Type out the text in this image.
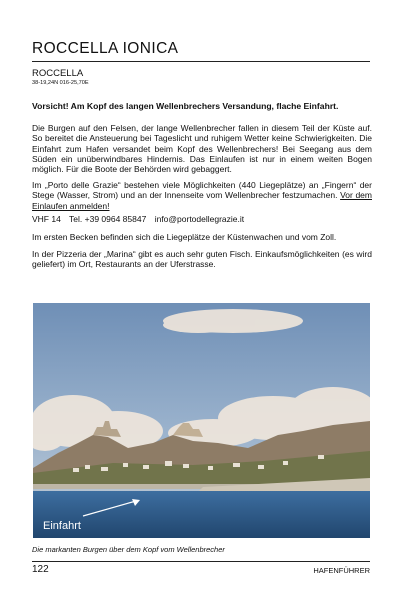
ROCCELLA IONICA
ROCCELLA
38-19,24N 016-25,70E
Vorsicht! Am Kopf des langen Wellenbrechers Versandung, flache Einfahrt.
Die Burgen auf den Felsen, der lange Wellenbrecher fallen in diesem Teil der Küste auf. So bereitet die Ansteuerung bei Tageslicht und ruhigem Wetter keine Schwierigkeiten. Die Einfahrt zum Hafen versandet beim Kopf des Wellenbrechers! Bei Seegang aus dem Süden ein unüberwindbares Hindernis. Das Einlaufen ist nur in einem weiten Bogen möglich. Für die Boote der Behörden wird gebaggert.
Im „Porto delle Grazie“ bestehen viele Möglichkeiten (440 Liegeplätze) an „Fingern“ der Stege (Wasser, Strom) und an der Innenseite vom Wellenbrecher festzumachen. Vor dem Einlaufen anmelden!
VHF 14 Tel. +39 0964 85847 info@portodellegrazie.it
Im ersten Becken befinden sich die Liegeplätze der Küstenwachen und vom Zoll.
In der Pizzeria der „Marina“ gibt es auch sehr guten Fisch. Einkaufsmöglichkeiten (es wird geliefert) im Ort, Restaurants an der Uferstrasse.
Einfahrt
Die markanten Burgen über dem Kopf vom Wellenbrecher
122	HAFENFÜHRER
